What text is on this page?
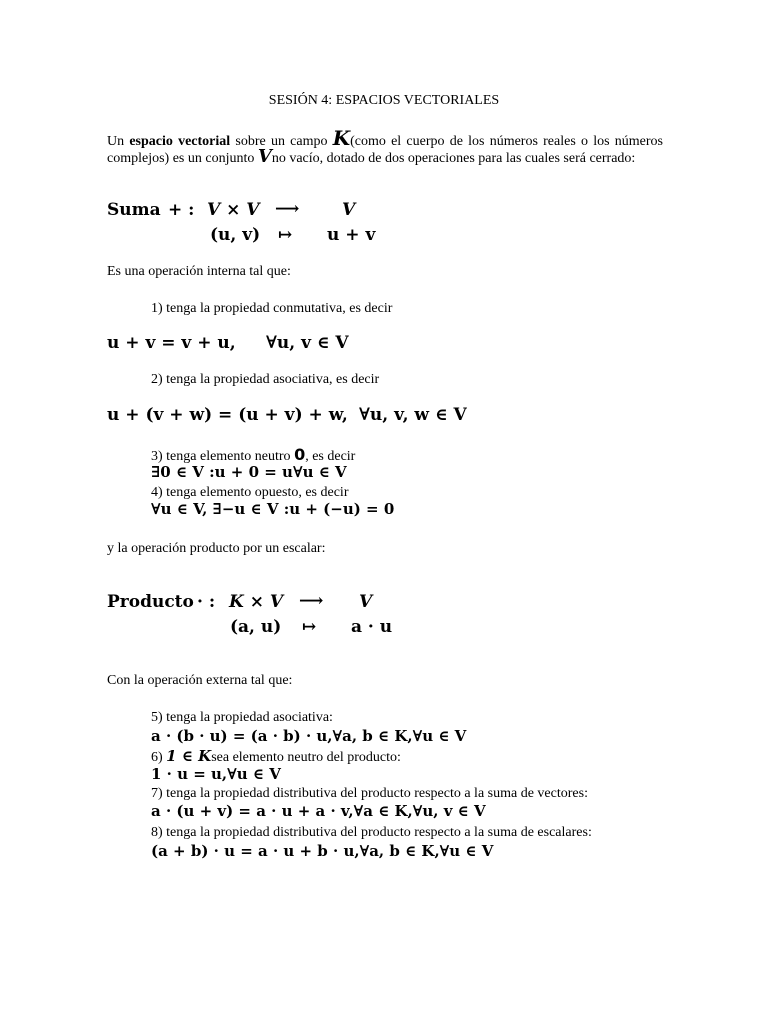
SESIÓN 4: ESPACIOS VECTORIALES
Un espacio vectorial sobre un campo K(como el cuerpo de los números reales o los números complejos) es un conjunto Vno vacío, dotado de dos operaciones para las cuales será cerrado:
Suma + : V × V ⟶	V
(u, v) ↦ u + v
Es una operación interna tal que:
1) tenga la propiedad conmutativa, es decir
u + v = v + u, ∀u, v ∈ V
2) tenga la propiedad asociativa, es decir
u + (v + w) = (u + v) + w, ∀u, v, w ∈ V
3) tenga elemento neutro 0, es decir
∃0 ∈ V :u + 0 = u∀u ∈ V
4) tenga elemento opuesto, es decir
∀u ∈ V, ∃−u ∈ V :u + (−u) = 0
y la operación producto por un escalar:
Producto · : K × V ⟶ V
(a, u) ↦ a · u
Con la operación externa tal que:
5) tenga la propiedad asociativa:
a · (b · u) = (a · b) · u,∀a, b ∈ K,∀u ∈ V
6) 1 ∈ Ksea elemento neutro del producto:
1 · u = u,∀u ∈ V
7) tenga la propiedad distributiva del producto respecto a la suma de vectores:
a · (u + v) = a · u + a · v,∀a ∈ K,∀u, v ∈ V
8) tenga la propiedad distributiva del producto respecto a la suma de escalares:
(a + b) · u = a · u + b · u,∀a, b ∈ K,∀u ∈ V
